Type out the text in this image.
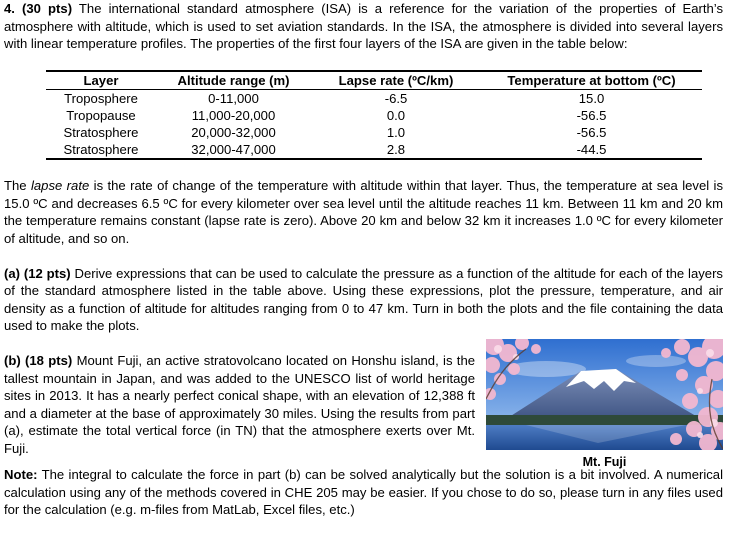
4. (30 pts) The international standard atmosphere (ISA) is a reference for the variation of the properties of Earth’s atmosphere with altitude, which is used to set aviation standards. In the ISA, the atmosphere is divided into several layers with linear temperature profiles. The properties of the first four layers of the ISA are given in the table below:

Layer	Altitude range (m)	Lapse rate (ºC/km)	Temperature at bottom (ºC)
Troposphere	0-11,000	-6.5	15.0
Tropopause	11,000-20,000	0.0	-56.5
Stratosphere	20,000-32,000	1.0	-56.5
Stratosphere	32,000-47,000	2.8	-44.5

The lapse rate is the rate of change of the temperature with altitude within that layer. Thus, the temperature at sea level is 15.0 ºC and decreases 6.5 ºC for every kilometer over sea level until the altitude reaches 11 km. Between 11 km and 20 km the temperature remains constant (lapse rate is zero). Above 20 km and below 32 km it increases 1.0 ºC for every kilometer of altitude, and so on.

(a) (12 pts) Derive expressions that can be used to calculate the pressure as a function of the altitude for each of the layers of the standard atmosphere listed in the table above. Using these expressions, plot the pressure, temperature, and air density as a function of altitude for altitudes ranging from 0 to 47 km. Turn in both the plots and the file containing the data used to make the plots.

(b) (18 pts) Mount Fuji, an active stratovolcano located on Honshu island, is the tallest mountain in Japan, and was added to the UNESCO list of world heritage sites in 2013. It has a nearly perfect conical shape, with an elevation of 12,388 ft and a diameter at the base of approximately 30 miles. Using the results from part (a), estimate the total vertical force (in TN) that the atmosphere exerts over Mt. Fuji.

Mt. Fuji

Note: The integral to calculate the force in part (b) can be solved analytically but the solution is a bit involved. A numerical calculation using any of the methods covered in CHE 205 may be easier. If you chose to do so, please turn in any files used for the calculation (e.g. m-files from MatLab, Excel files, etc.)
